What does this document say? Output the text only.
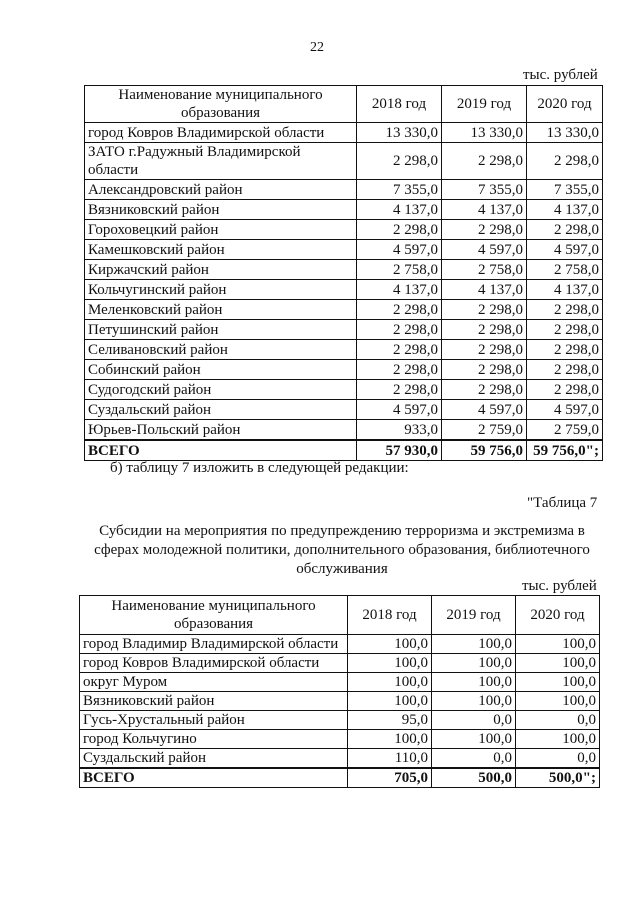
22
тыс. рублей
Наименование муниципального образования	2018 год	2019 год	2020 год
город Ковров Владимирской области	13 330,0	13 330,0	13 330,0
ЗАТО г.Радужный Владимирской области	2 298,0	2 298,0	2 298,0
Александровский район	7 355,0	7 355,0	7 355,0
Вязниковский район	4 137,0	4 137,0	4 137,0
Гороховецкий район	2 298,0	2 298,0	2 298,0
Камешковский район	4 597,0	4 597,0	4 597,0
Киржачский район	2 758,0	2 758,0	2 758,0
Кольчугинский район	4 137,0	4 137,0	4 137,0
Меленковский район	2 298,0	2 298,0	2 298,0
Петушинский район	2 298,0	2 298,0	2 298,0
Селивановский район	2 298,0	2 298,0	2 298,0
Собинский район	2 298,0	2 298,0	2 298,0
Судогодский район	2 298,0	2 298,0	2 298,0
Суздальский район	4 597,0	4 597,0	4 597,0
Юрьев-Польский район	933,0	2 759,0	2 759,0
ВСЕГО	57 930,0	59 756,0	59 756,0";
б) таблицу 7 изложить в следующей редакции:
"Таблица 7
Субсидии на мероприятия по предупреждению терроризма и экстремизма в сферах молодежной политики, дополнительного образования, библиотечного обслуживания
тыс. рублей
Наименование муниципального образования	2018 год	2019 год	2020 год
город Владимир Владимирской области	100,0	100,0	100,0
город Ковров Владимирской области	100,0	100,0	100,0
округ Муром	100,0	100,0	100,0
Вязниковский район	100,0	100,0	100,0
Гусь-Хрустальный район	95,0	0,0	0,0
город Кольчугино	100,0	100,0	100,0
Суздальский район	110,0	0,0	0,0
ВСЕГО	705,0	500,0	500,0";
